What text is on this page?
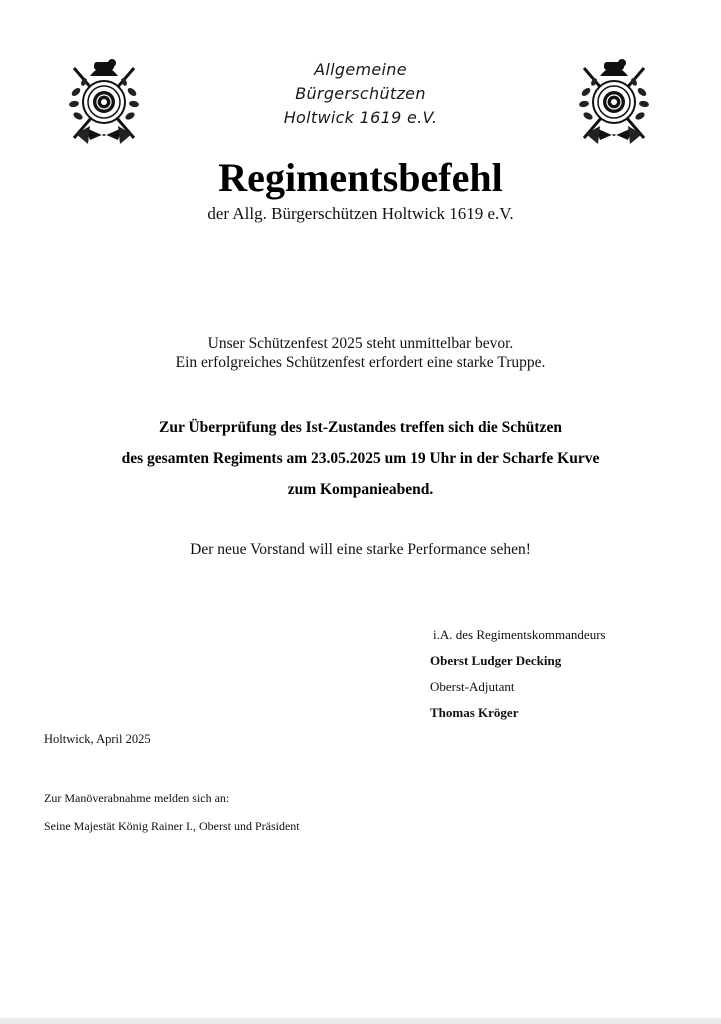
Allgemeine
Bürgerschützen
Holtwick 1619 e.V.
Regimentsbefehl
der Allg. Bürgerschützen Holtwick 1619 e.V.
Unser Schützenfest 2025 steht unmittelbar bevor.
Ein erfolgreiches Schützenfest erfordert eine starke Truppe.
Zur Überprüfung des Ist-Zustandes treffen sich die Schützen
des gesamten Regiments am 23.05.2025 um 19 Uhr in der Scharfe Kurve
zum Kompanieabend.
Der neue Vorstand will eine starke Performance sehen!
i.A. des Regimentskommandeurs
Oberst Ludger Decking
Oberst-Adjutant
Thomas Kröger
Holtwick, April 2025
Zur Manöverabnahme melden sich an:
Seine Majestät König Rainer I., Oberst und Präsident
